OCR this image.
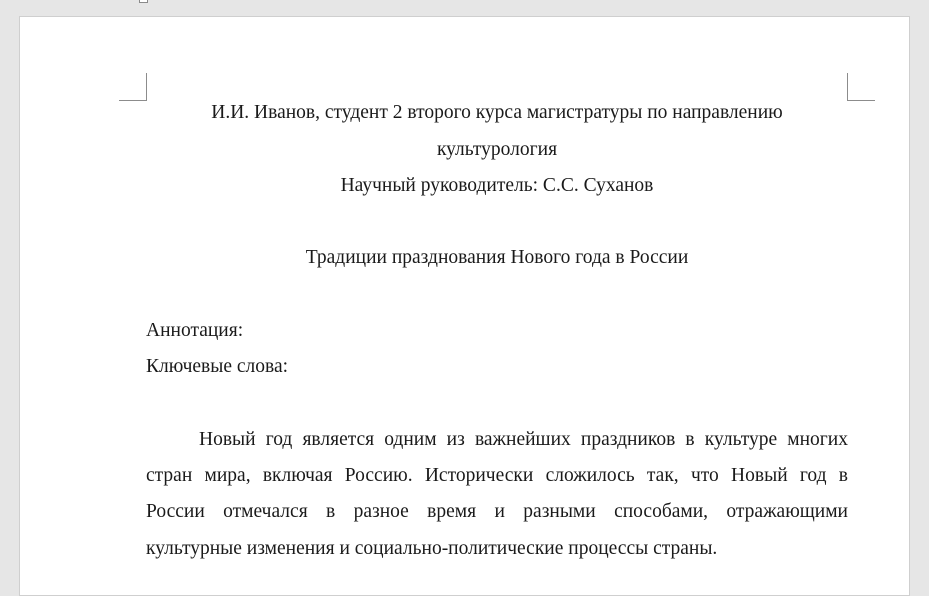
И.И. Иванов, студент 2 второго курса магистратуры по направлению

культурология

Научный руководитель: С.С. Суханов

Традиции празднования Нового года в России

Аннотация:

Ключевые слова:

Новый год является одним из важнейших праздников в культуре многих

стран мира, включая Россию. Исторически сложилось так, что Новый год в

России отмечался в разное время и разными способами, отражающими

культурные изменения и социально-политические процессы страны.
